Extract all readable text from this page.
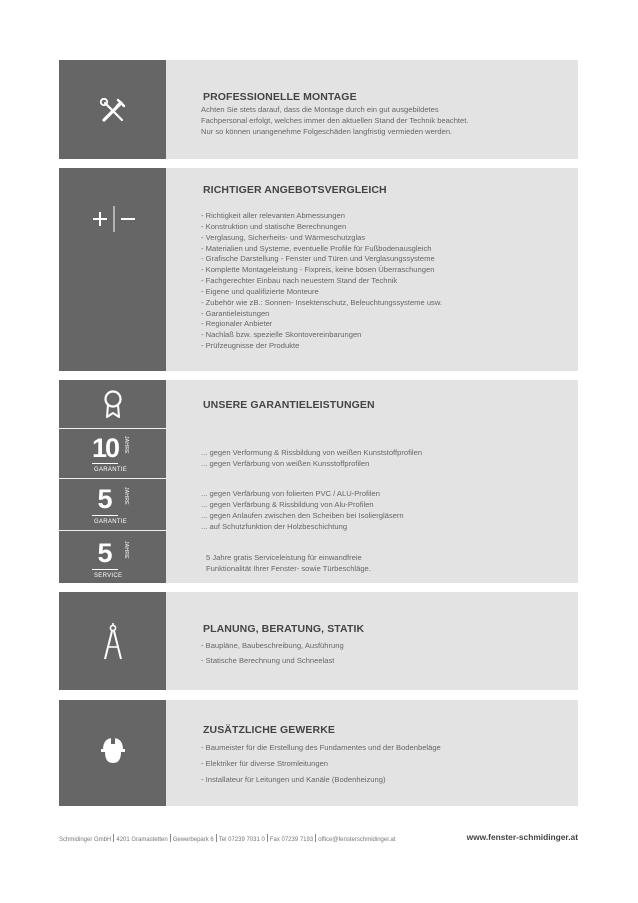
PROFESSIONELLE MONTAGE
Achten Sie stets darauf, dass die Montage durch ein gut ausgebildetes
Fachpersonal erfolgt, welches immer den aktuellen Stand der Technik beachtet.
Nur so können unangenehme Folgeschäden langfristig vermieden werden.
RICHTIGER ANGEBOTSVERGLEICH
- Richtigkeit aller relevanten Abmessungen
- Konstruktion und statische Berechnungen
- Verglasung, Sicherheits- und Wärmeschutzglas
- Materialien und Systeme, eventuelle Profile für Fußbodenausgleich
- Grafische Darstellung - Fenster und Türen und Verglasungssysteme
- Komplette Montageleistung - Fixpreis, keine bösen Überraschungen
- Fachgerechter Einbau nach neuestem Stand der Technik
- Eigene und qualifizierte Monteure
- Zubehör wie zB.: Sonnen- Insektenschutz, Beleuchtungssysteme usw.
- Garantieleistungen
- Regionaler Anbieter
- Nachlaß bzw. spezielle Skontovereinbarungen
- Prüfzeugnisse der Produkte
UNSERE GARANTIELEISTUNGEN
10 JAHRE
GARANTIE
... gegen Verformung & Rissbildung von weißen Kunststoffprofilen
... gegen Verfärbung von weißen Kunsstoffprofilen
5	JAHRE
GARANTIE
... gegen Verfärbung von folierten PVC / ALU-Profilen
... gegen Verfärbung & Rissbildung von Alu-Profilen
... gegen Anlaufen zwischen den Scheiben bei Isoliergläsern
... auf Schutzfunktion der Holzbeschichtung
5	JAHRE
SERVICE
5 Jahre gratis Serviceleistung für einwandfreie
Funktionalität Ihrer Fenster- sowie Türbeschläge.
PLANUNG, BERATUNG, STATIK
- Baupläne, Baubeschreibung, Ausführung
- Statische Berechnung und Schneelast
ZUSÄTZLICHE GEWERKE
- Baumeister für die Erstellung des Fundamentes und der Bodenbeläge
- Elektriker für diverse Stromleitungen
- Installateur für Leitungen und Kanäle (Bodenheizung)
Schmidinger GmbH 4201 Gramastetten Gewerbepark 6 Tel 07239 7031 0 Fax 07239 7193 office@fensterschmidinger.at	www.fenster-schmidinger.at
